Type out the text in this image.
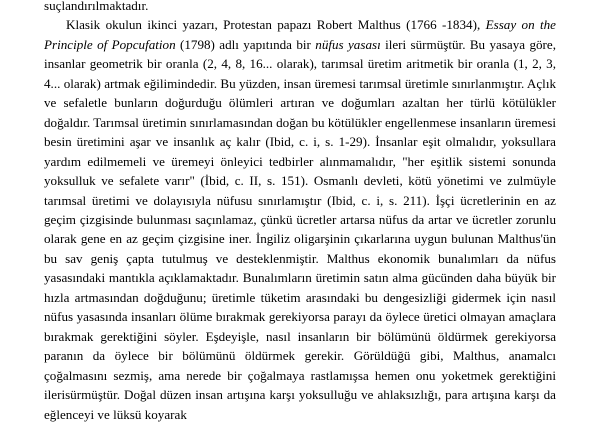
suçlandırılmaktadır.

Klasik okulun ikinci yazarı, Protestan papazı Robert Malthus (1766 -1834), Essay on the Principle of Popcufation (1798) adlı yapıtında bir nüfus yasası ileri sürmüştür. Bu yasaya göre, insanlar geometrik bir oranla (2, 4, 8, 16... olarak), tarımsal üretim aritmetik bir oranla (1, 2, 3, 4... olarak) artmak eğilimindedir. Bu yüzden, insan üremesi tarımsal üretimle sınırlanmıştır. Açlık ve sefaletle bunların doğurduğu ölümleri artıran ve doğumları azaltan her türlü kötülükler doğaldır. Tarımsal üretimin sınırlamasından doğan bu kötülükler engellenmese insanların üremesi besin üretimini aşar ve insanlık aç kalır (Ibid, c. i, s. 1-29). İnsanlar eşit olmalıdır, yoksullara yardım edilmemeli ve üremeyi önleyici tedbirler alınmamalıdır, "her eşitlik sistemi sonunda yoksulluk ve sefalete varır" (İbid, c. II, s. 151). Osmanlı devleti, kötü yönetimi ve zulmüyle tarımsal üretimi ve dolayısıyla nüfusu sınırlamıştır (Ibid, c. i, s. 211). İşçi ücretlerinin en az geçim çizgisinde bulunması saçınlamaz, çünkü ücretler artarsa nüfus da artar ve ücretler zorunlu olarak gene en az geçim çizgisine iner. İngiliz oligarşinin çıkarlarına uygun bulunan Malthus'ün bu sav geniş çapta tutulmuş ve desteklenmiştir. Malthus ekonomik bunalımları da nüfus yasasındaki mantıkla açıklamaktadır. Bunalımların üretimin satın alma gücünden daha büyük bir hızla artmasından doğduğunu; üretimle tüketim arasındaki bu dengesizliği gidermek için nasıl nüfus yasasında insanları ölüme bırakmak gerekiyorsa parayı da öylece üretici olmayan amaçlara bırakmak gerektiğini söyler. Eşdeyişle, nasıl insanların bir bölümünü öldürmek gerekiyorsa paranın da öylece bir bölümünü öldürmek gerekir. Görüldüğü gibi, Malthus, anamalcı çoğalmasını sezmiş, ama nerede bir çoğalmaya rastlamışsa hemen onu yoketmek gerektiğini ilerisürmüştür. Doğal düzen insan artışına karşı yoksulluğu ve ahlaksızlığı, para artışına karşı da eğlenceyi ve lüksü koyarak
